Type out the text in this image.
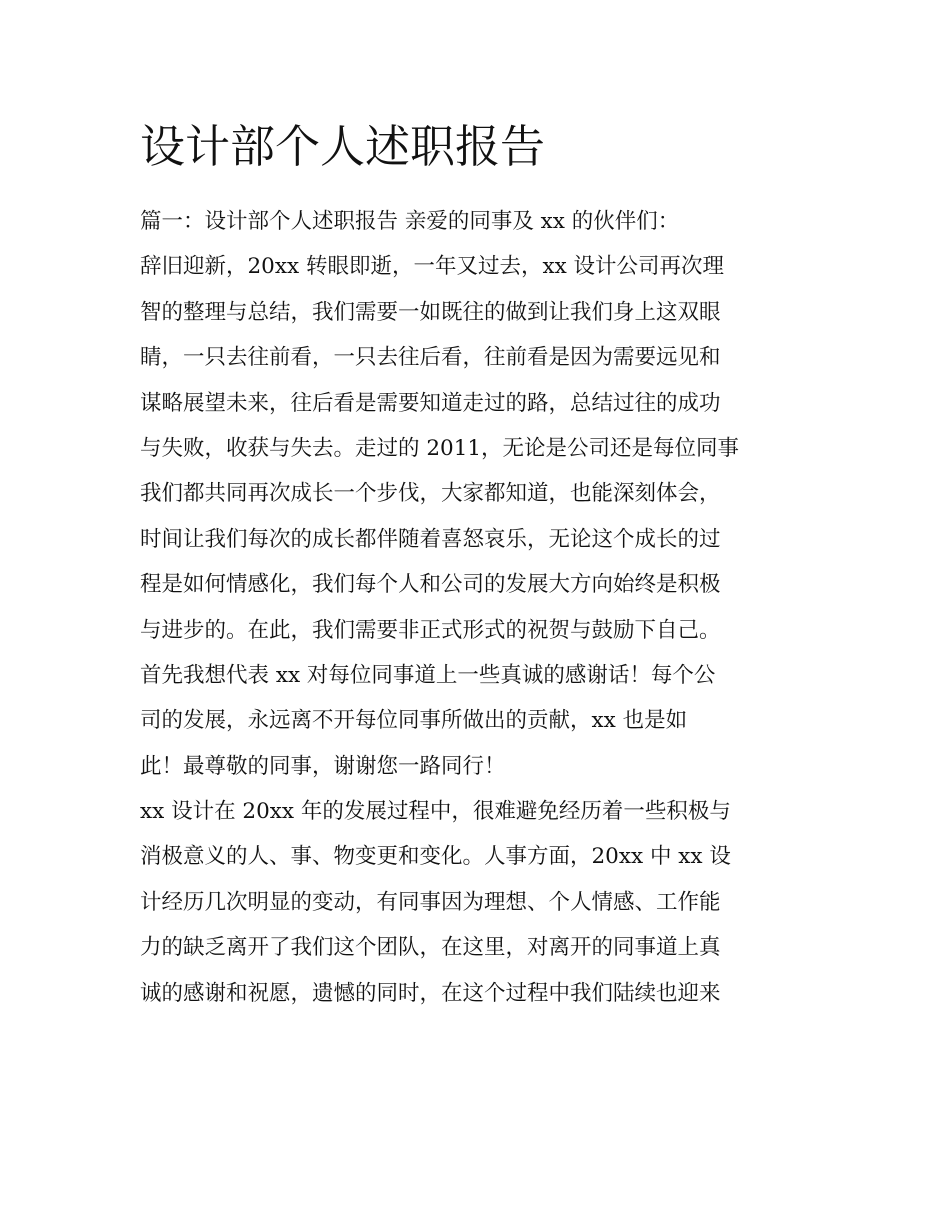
设计部个人述职报告
篇一：设计部个人述职报告 亲爱的同事及 xx 的伙伴们：
辞旧迎新，20xx 转眼即逝，一年又过去，xx 设计公司再次理
智的整理与总结，我们需要一如既往的做到让我们身上这双眼
睛，一只去往前看，一只去往后看，往前看是因为需要远见和
谋略展望未来，往后看是需要知道走过的路，总结过往的成功
与失败，收获与失去。走过的 2011，无论是公司还是每位同事
我们都共同再次成长一个步伐，大家都知道，也能深刻体会，
时间让我们每次的成长都伴随着喜怒哀乐，无论这个成长的过
程是如何情感化，我们每个人和公司的发展大方向始终是积极
与进步的。在此，我们需要非正式形式的祝贺与鼓励下自己。
首先我想代表 xx 对每位同事道上一些真诚的感谢话！每个公
司的发展，永远离不开每位同事所做出的贡献，xx 也是如
此！最尊敬的同事，谢谢您一路同行！
xx 设计在 20xx 年的发展过程中，很难避免经历着一些积极与
消极意义的人、事、物变更和变化。人事方面，20xx 中 xx 设
计经历几次明显的变动，有同事因为理想、个人情感、工作能
力的缺乏离开了我们这个团队，在这里，对离开的同事道上真
诚的感谢和祝愿，遗憾的同时，在这个过程中我们陆续也迎来
